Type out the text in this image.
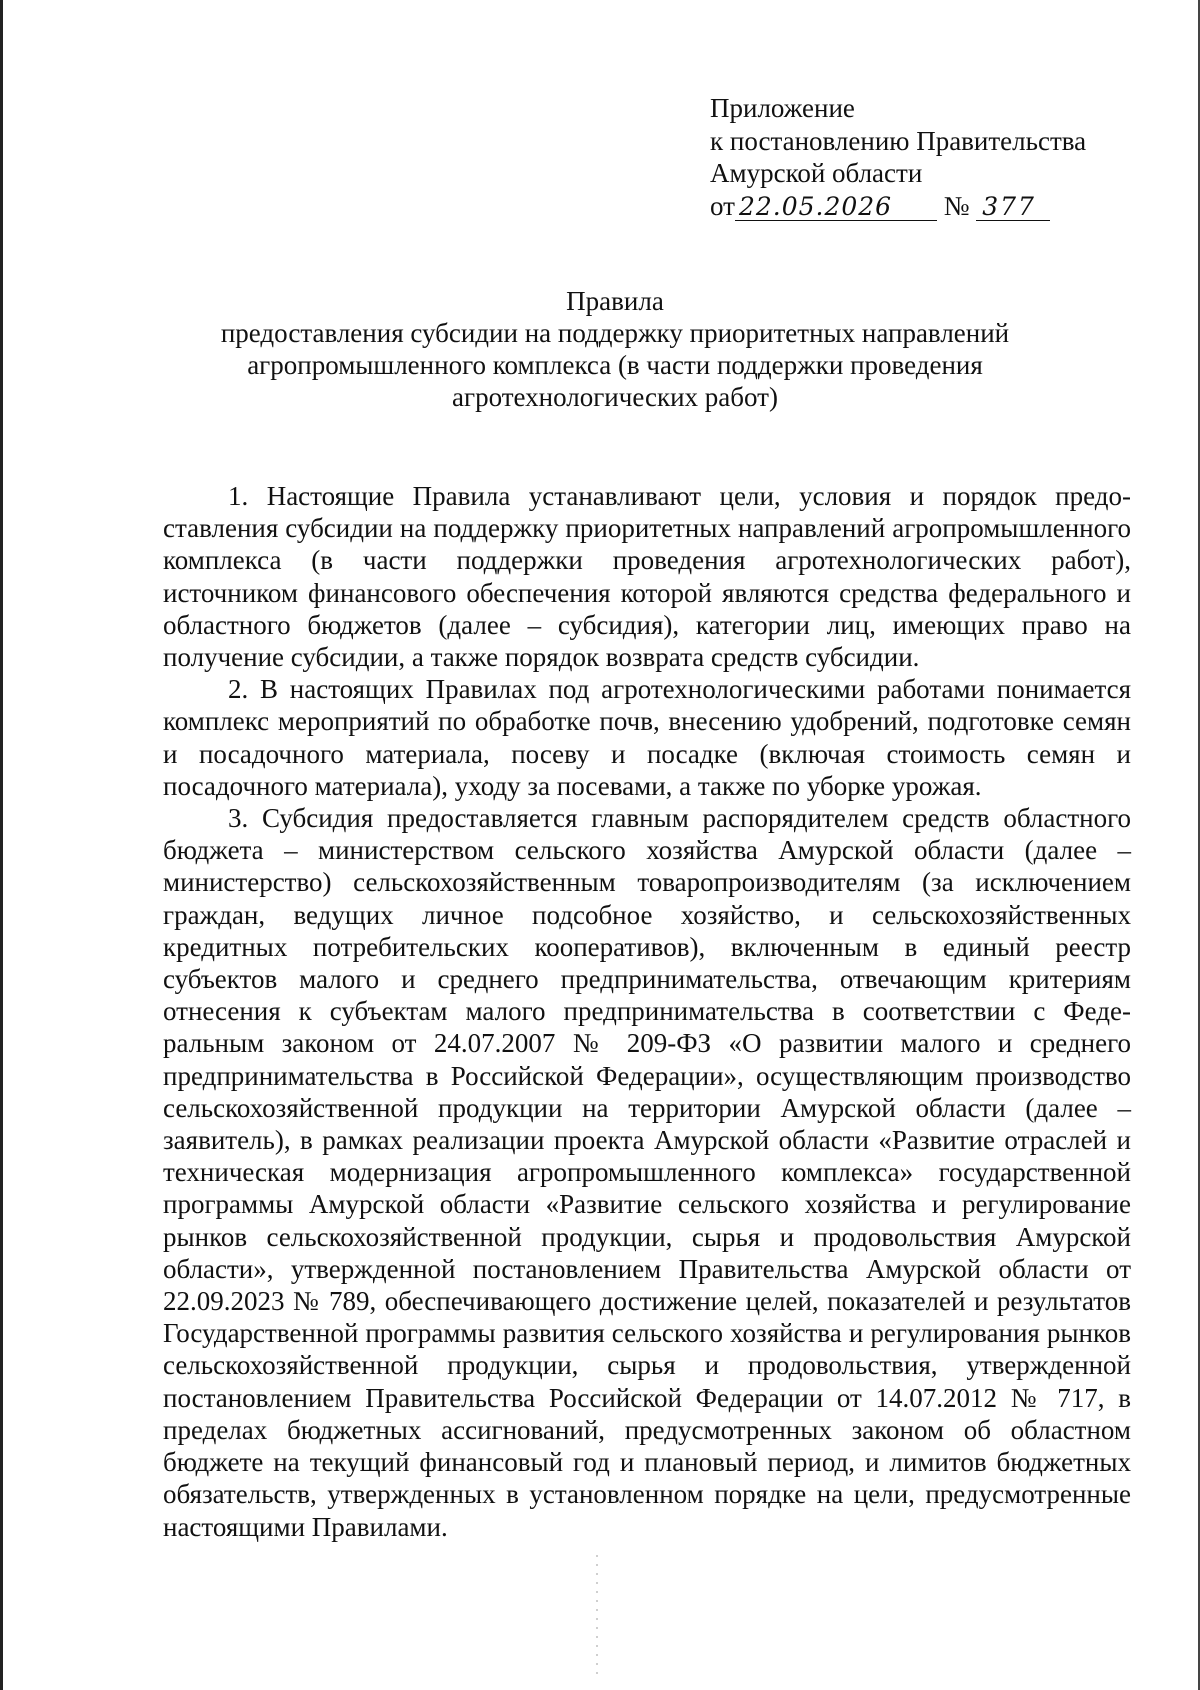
Приложение
к постановлению Правительства
Амурской области
от 22.05.2026 № 377
Правила
предоставления субсидии на поддержку приоритетных направлений
агропромышленного комплекса (в части поддержки проведения
агротехнологических работ)

1. Настоящие Правила устанавливают цели, условия и порядок предоставления субсидии на поддержку приоритетных направлений агропромышленного комплекса (в части поддержки проведения агротехнологических работ), источником финансового обеспечения которой являются средства федерального и областного бюджетов (далее – субсидия), категории лиц, имеющих право на получение субсидии, а также порядок возврата средств субсидии.

2. В настоящих Правилах под агротехнологическими работами понимается комплекс мероприятий по обработке почв, внесению удобрений, подготовке семян и посадочного материала, посеву и посадке (включая стоимость семян и посадочного материала), уходу за посевами, а также по уборке урожая.

3. Субсидия предоставляется главным распорядителем средств областного бюджета – министерством сельского хозяйства Амурской области (далее – министерство) сельскохозяйственным товаропроизводителям (за исключением граждан, ведущих личное подсобное хозяйство, и сельскохозяйственных кредитных потребительских кооперативов), включенным в единый реестр субъектов малого и среднего предпринимательства, отвечающим критериям отнесения к субъектам малого предпринимательства в соответствии с Федеральным законом от 24.07.2007 № 209-ФЗ «О развитии малого и среднего предпринимательства в Российской Федерации», осуществляющим производство сельскохозяйственной продукции на территории Амурской области (далее – заявитель), в рамках реализации проекта Амурской области «Развитие отраслей и техническая модернизация агропромышленного комплекса» государственной программы Амурской области «Развитие сельского хозяйства и регулирование рынков сельскохозяйственной продукции, сырья и продовольствия Амурской области», утвержденной постановлением Правительства Амурской области от 22.09.2023 № 789, обеспечивающего достижение целей, показателей и результатов Государственной программы развития сельского хозяйства и регулирования рынков сельскохозяйственной продукции, сырья и продовольствия, утвержденной постановлением Правительства Российской Федерации от 14.07.2012 № 717, в пределах бюджетных ассигнований, предусмотренных законом об областном бюджете на текущий финансовый год и плановый период, и лимитов бюджетных обязательств, утвержденных в установленном порядке на цели, предусмотренные настоящими Правилами.
